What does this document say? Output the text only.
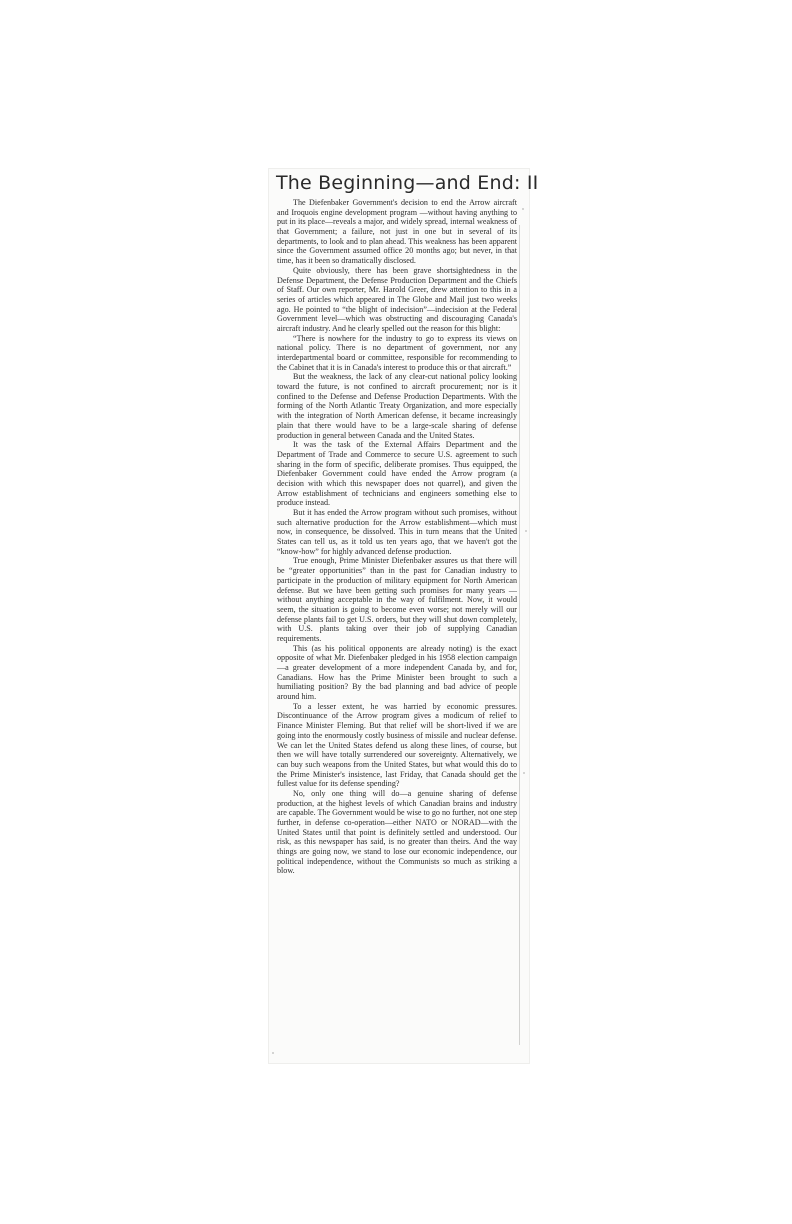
The Beginning—and End: II

The Diefenbaker Government's decision to end the Arrow aircraft and Iroquois engine development program —without having anything to put in its place—reveals a major, and widely spread, internal weakness of that Government; a failure, not just in one but in several of its departments, to look and to plan ahead. This weakness has been apparent since the Government assumed office 20 months ago; but never, in that time, has it been so dramatically disclosed.

Quite obviously, there has been grave shortsightedness in the Defense Department, the Defense Production Department and the Chiefs of Staff. Our own reporter, Mr. Harold Greer, drew attention to this in a series of articles which appeared in The Globe and Mail just two weeks ago. He pointed to “the blight of indecision”—indecision at the Federal Government level—which was obstructing and discouraging Canada's aircraft industry. And he clearly spelled out the reason for this blight:

“There is nowhere for the industry to go to express its views on national policy. There is no department of government, nor any interdepartmental board or committee, responsible for recommending to the Cabinet that it is in Canada's interest to produce this or that aircraft.”

But the weakness, the lack of any clear-cut national policy looking toward the future, is not confined to aircraft procurement; nor is it confined to the Defense and Defense Production Departments. With the forming of the North Atlantic Treaty Organization, and more especially with the integration of North American defense, it became increasingly plain that there would have to be a large-scale sharing of defense production in general between Canada and the United States.

It was the task of the External Affairs Department and the Department of Trade and Commerce to secure U.S. agreement to such sharing in the form of specific, deliberate promises. Thus equipped, the Diefenbaker Government could have ended the Arrow program (a decision with which this newspaper does not quarrel), and given the Arrow establishment of technicians and engineers something else to produce instead.

But it has ended the Arrow program without such promises, without such alternative production for the Arrow establishment—which must now, in consequence, be dissolved. This in turn means that the United States can tell us, as it told us ten years ago, that we haven't got the “know-how” for highly advanced defense production.

True enough, Prime Minister Diefenbaker assures us that there will be “greater opportunities” than in the past for Canadian industry to participate in the production of military equipment for North American defense. But we have been getting such promises for many years —without anything acceptable in the way of fulfilment. Now, it would seem, the situation is going to become even worse; not merely will our defense plants fail to get U.S. orders, but they will shut down completely, with U.S. plants taking over their job of supplying Canadian requirements.

This (as his political opponents are already noting) is the exact opposite of what Mr. Diefenbaker pledged in his 1958 election campaign—a greater development of a more independent Canada by, and for, Canadians. How has the Prime Minister been brought to such a humiliating position? By the bad planning and bad advice of people around him.

To a lesser extent, he was harried by economic pressures. Discontinuance of the Arrow program gives a modicum of relief to Finance Minister Fleming. But that relief will be short-lived if we are going into the enormously costly business of missile and nuclear defense. We can let the United States defend us along these lines, of course, but then we will have totally surrendered our sovereignty. Alternatively, we can buy such weapons from the United States, but what would this do to the Prime Minister's insistence, last Friday, that Canada should get the fullest value for its defense spending?

No, only one thing will do—a genuine sharing of defense production, at the highest levels of which Canadian brains and industry are capable. The Government would be wise to go no further, not one step further, in defense co-operation—either NATO or NORAD—with the United States until that point is definitely settled and understood. Our risk, as this newspaper has said, is no greater than theirs. And the way things are going now, we stand to lose our economic independence, our political independence, without the Communists so much as striking a blow.
